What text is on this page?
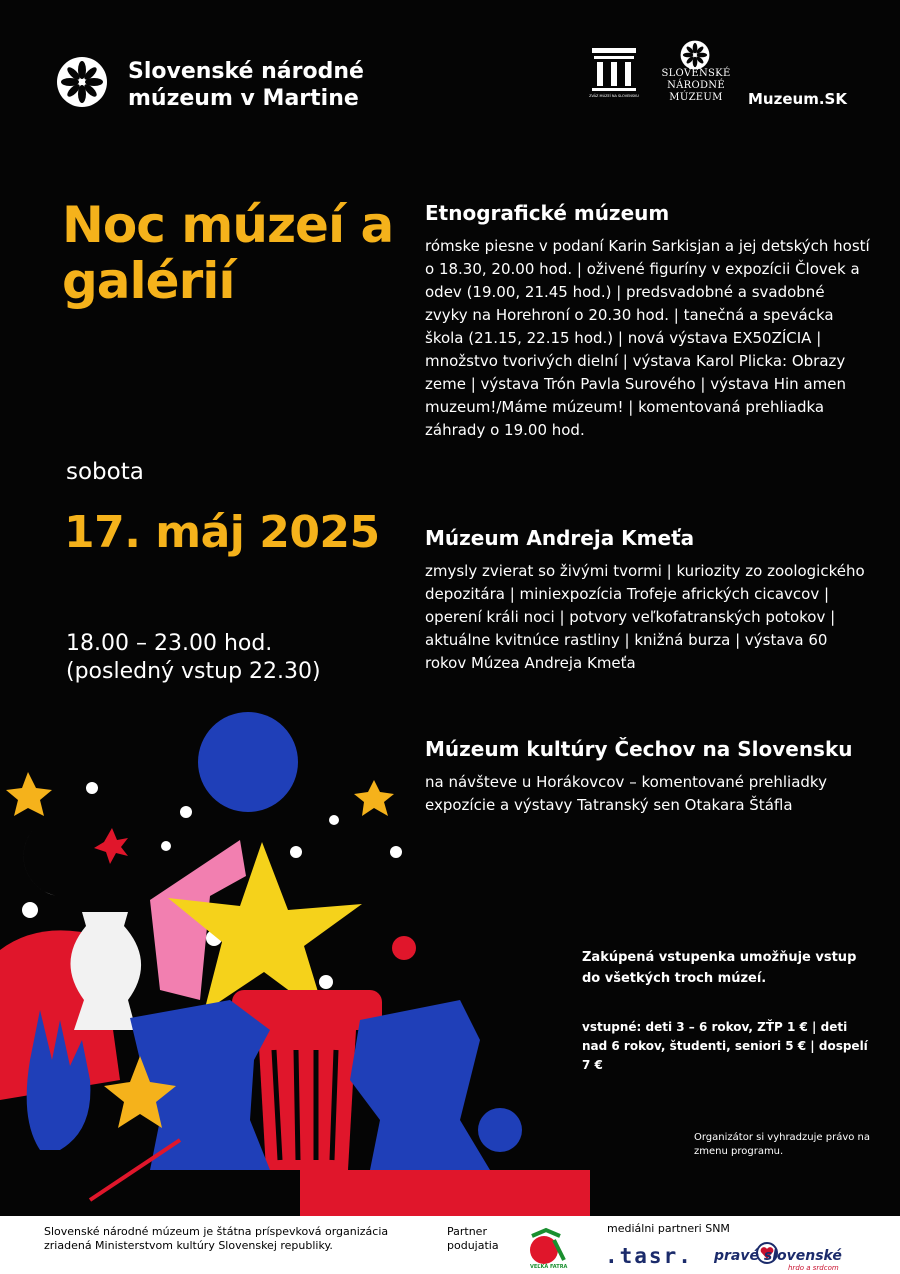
Slovenské národné múzeum v Martine	ZVÄZ MÚZEÍ NA SLOVENSKU
SLOVENSKÉ NÁRODNÉ MÚZEUM	Muzeum.SK
Noc múzeí a galérií
sobota
17. máj 2025
18.00 – 23.00 hod.
(posledný vstup 22.30)
Etnografické múzeum

rómske piesne v podaní Karin Sarkisjan a jej detských hostí o 18.30, 20.00 hod. | oživené figuríny v expozícii Človek a odev (19.00, 21.45 hod.) | predsvadobné a svadobné zvyky na Horehroní o 20.30 hod. | tanečná a spevácka škola (21.15, 22.15 hod.) | nová výstava EX50ZÍCIA | množstvo tvorivých dielní | výstava Karol Plicka: Obrazy zeme | výstava Trón Pavla Surového | výstava Hin amen muzeum!/Máme múzeum! | komentovaná prehliadka záhrady o 19.00 hod.

Múzeum Andreja Kmeťa

zmysly zvierat so živými tvormi | kuriozity zo zoologického depozitára | miniexpozícia Trofeje afrických cicavcov | operení králi noci | potvory veľkofatranských potokov | aktuálne kvitnúce rastliny | knižná burza | výstava 60 rokov Múzea Andreja Kmeťa

Múzeum kultúry Čechov na Slovensku

na návšteve u Horákovcov – komentované prehliadky expozície a výstavy Tatranský sen Otakara Štáfla

Zakúpená vstupenka umožňuje vstup do všetkých troch múzeí.
vstupné: deti 3 – 6 rokov, ZŤP 1 € | deti nad 6 rokov, študenti, seniori 5 € | dospelí 7 €
Organizátor si vyhradzuje právo na zmenu programu.
Slovenské národné múzeum je štátna príspevková organizácia zriadená Ministerstvom kultúry Slovenskej republiky.
Partner podujatia
VEĽKÁ FATRA
mediálni partneri SNM
.tasr. pravé slovenské
hrdo a srdcom
